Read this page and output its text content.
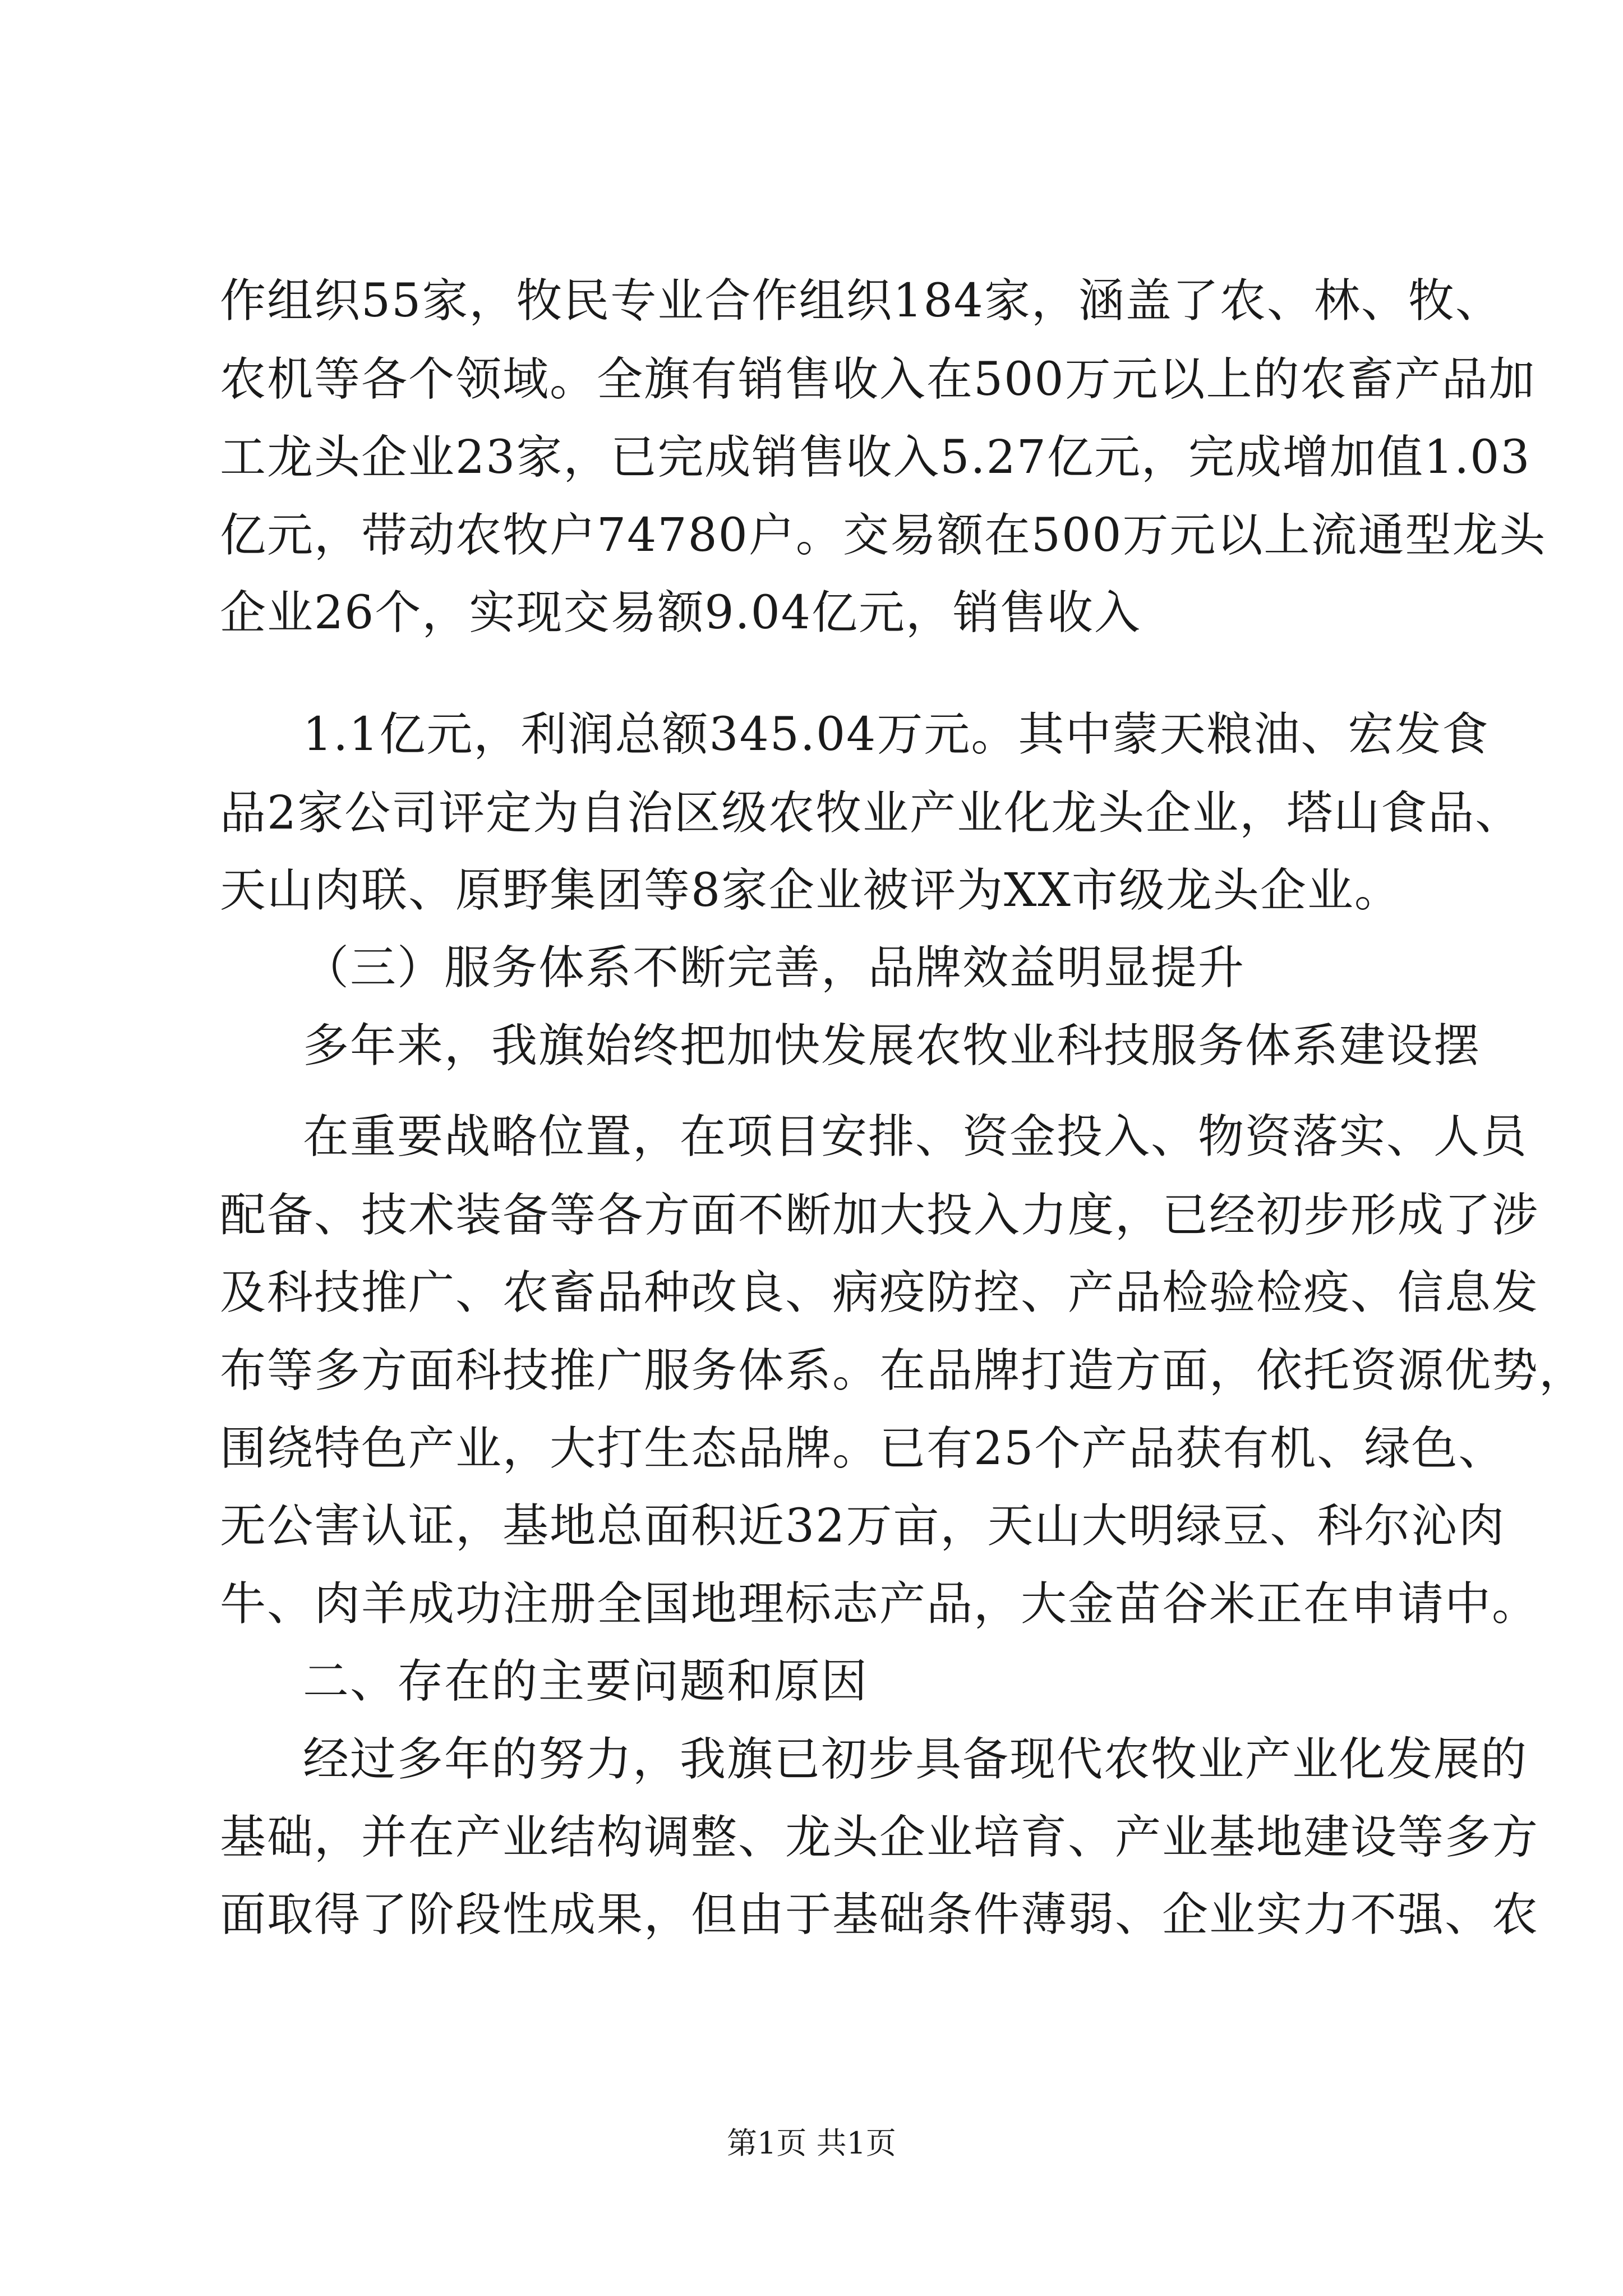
作组织55家，牧民专业合作组织184家，涵盖了农、林、牧、
农机等各个领域。全旗有销售收入在500万元以上的农畜产品加
工龙头企业23家，已完成销售收入5.27亿元，完成增加值1.03
亿元，带动农牧户74780户。交易额在500万元以上流通型龙头
企业26个，实现交易额9.04亿元，销售收入
1.1亿元，利润总额345.04万元。其中蒙天粮油、宏发食
品2家公司评定为自治区级农牧业产业化龙头企业，塔山食品、
天山肉联、原野集团等8家企业被评为XX市级龙头企业。
（三）服务体系不断完善，品牌效益明显提升
多年来，我旗始终把加快发展农牧业科技服务体系建设摆
在重要战略位置，在项目安排、资金投入、物资落实、人员
配备、技术装备等各方面不断加大投入力度，已经初步形成了涉
及科技推广、农畜品种改良、病疫防控、产品检验检疫、信息发
布等多方面科技推广服务体系。在品牌打造方面，依托资源优势，
围绕特色产业，大打生态品牌。已有25个产品获有机、绿色、
无公害认证，基地总面积近32万亩，天山大明绿豆、科尔沁肉
牛、肉羊成功注册全国地理标志产品，大金苗谷米正在申请中。
二、存在的主要问题和原因
经过多年的努力，我旗已初步具备现代农牧业产业化发展的
基础，并在产业结构调整、龙头企业培育、产业基地建设等多方
面取得了阶段性成果，但由于基础条件薄弱、企业实力不强、农
第1页 共1页
